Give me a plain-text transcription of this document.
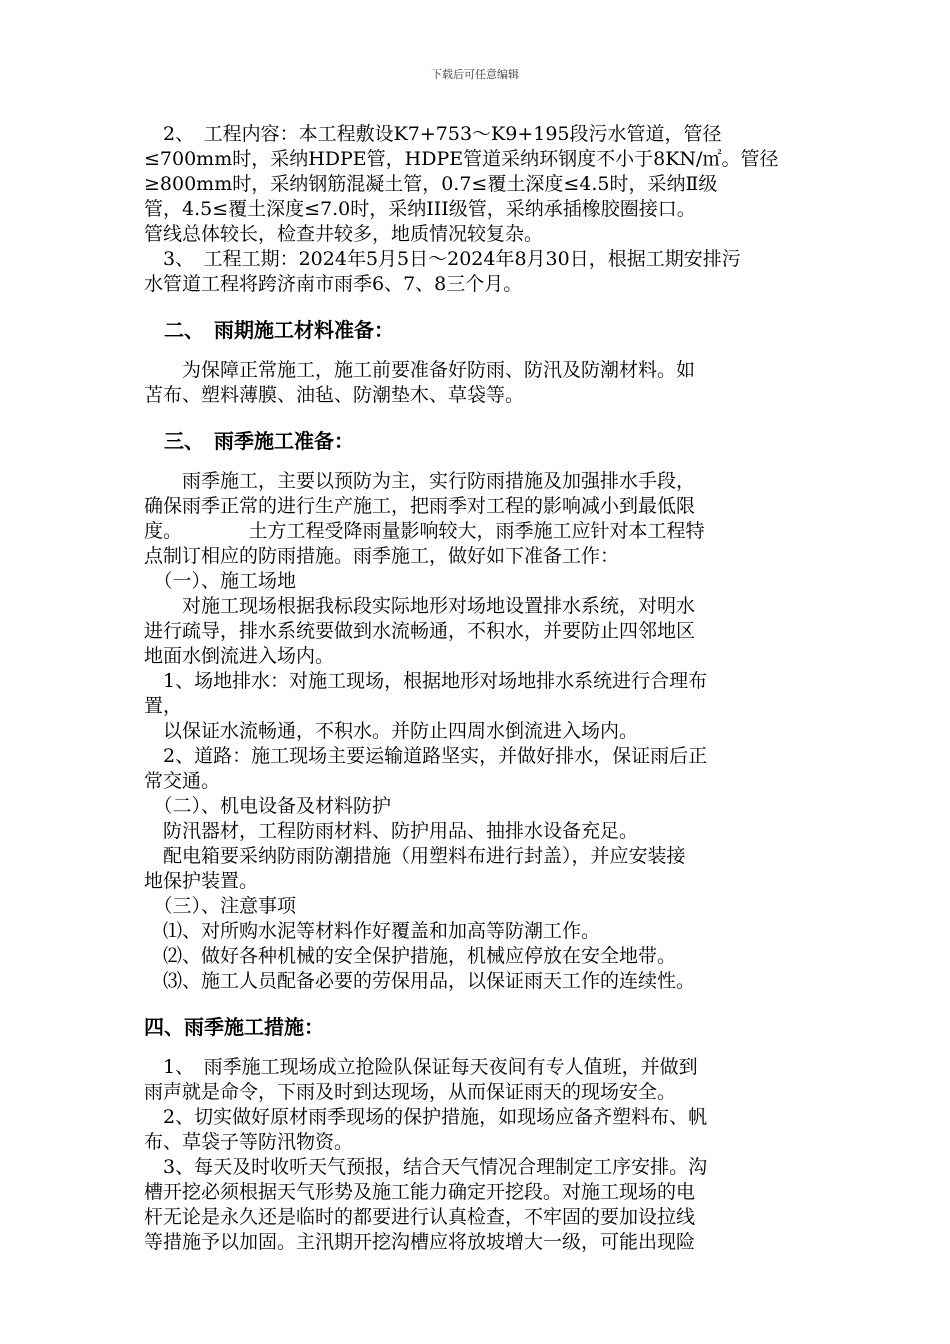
下载后可任意编辑
　2、　工程内容：本工程敷设K7+753～K9+195段污水管道，管径
≤700mm时，采纳HDPE管，HDPE管道采纳环钢度不小于8KN/㎡。管径
≥800mm时，采纳钢筋混凝土管，0.7≤覆土深度≤4.5时，采纳Ⅱ级
管，4.5≤覆土深度≤7.0时，采纳III级管，采纳承插橡胶圈接口。
管线总体较长，检查井较多，地质情况较复杂。
　3、　工程工期：2024年5月5日～2024年8月30日，根据工期安排污
水管道工程将跨济南市雨季6、7、8三个月。
　二、　雨期施工材料准备：
　　为保障正常施工，施工前要准备好防雨、防汛及防潮材料。如
苫布、塑料薄膜、油毡、防潮垫木、草袋等。
　三、　雨季施工准备：
　　雨季施工，主要以预防为主，实行防雨措施及加强排水手段，
确保雨季正常的进行生产施工，把雨季对工程的影响减小到最低限
度。　　　　土方工程受降雨量影响较大，雨季施工应针对本工程特
点制订相应的防雨措施。雨季施工，做好如下准备工作：
　（一）、施工场地
　　对施工现场根据我标段实际地形对场地设置排水系统，对明水
进行疏导，排水系统要做到水流畅通，不积水，并要防止四邻地区
地面水倒流进入场内。
　1、场地排水：对施工现场，根据地形对场地排水系统进行合理布
置，
　以保证水流畅通，不积水。并防止四周水倒流进入场内。
　2、道路：施工现场主要运输道路坚实，并做好排水，保证雨后正
常交通。
　（二）、机电设备及材料防护
　防汛器材，工程防雨材料、防护用品、抽排水设备充足。
　配电箱要采纳防雨防潮措施（用塑料布进行封盖），并应安装接
地保护装置。
　（三）、注意事项
　⑴、对所购水泥等材料作好覆盖和加高等防潮工作。
　⑵、做好各种机械的安全保护措施，机械应停放在安全地带。
　⑶、施工人员配备必要的劳保用品，以保证雨天工作的连续性。
四、雨季施工措施：
　1、　雨季施工现场成立抢险队保证每天夜间有专人值班，并做到
雨声就是命令，下雨及时到达现场，从而保证雨天的现场安全。
　2、切实做好原材雨季现场的保护措施，如现场应备齐塑料布、帆
布、草袋子等防汛物资。
　3、每天及时收听天气预报，结合天气情况合理制定工序安排。沟
槽开挖必须根据天气形势及施工能力确定开挖段。对施工现场的电
杆无论是永久还是临时的都要进行认真检查，不牢固的要加设拉线
等措施予以加固。主汛期开挖沟槽应将放坡增大一级，可能出现险
